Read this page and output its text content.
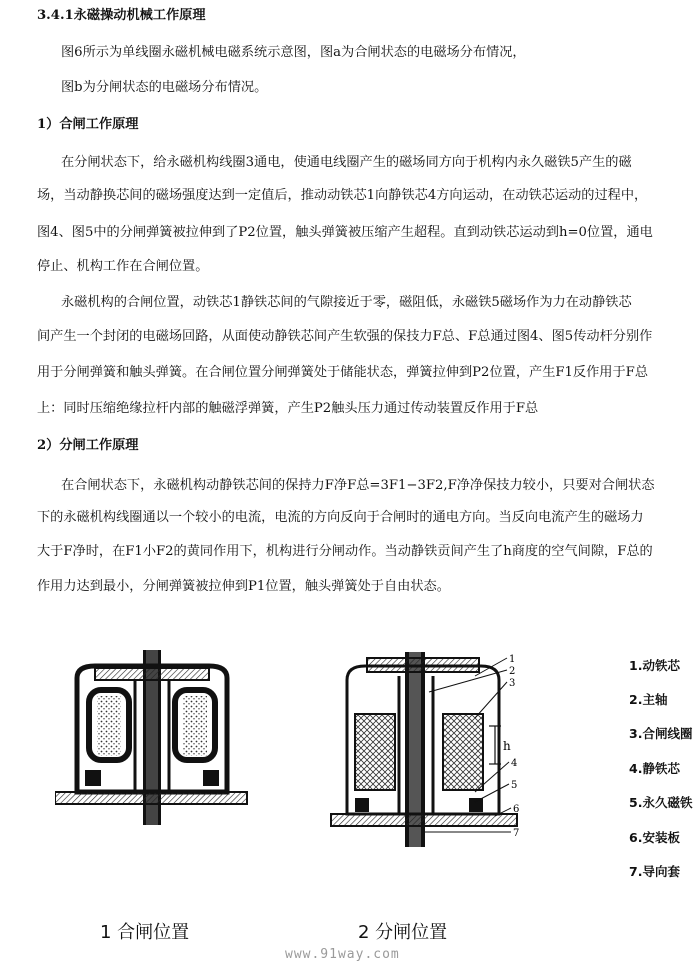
3.4.1永磁操动机械工作原理
图6所示为单线圈永磁机械电磁系统示意图，图a为合闸状态的电磁场分布情况，
图b为分闸状态的电磁场分布情况。
1）合闸工作原理
在分闸状态下，给永磁机构线圈3通电，使通电线圈产生的磁场同方向于机构内永久磁铁5产生的磁
场，当动静换芯间的磁场强度达到一定值后，推动动铁芯1向静铁芯4方向运动，在动铁芯运动的过程中，
图4、图5中的分闸弹簧被拉伸到了P2位置，触头弹簧被压缩产生超程。直到动铁芯运动到h=0位置，通电
停止、机构工作在合闸位置。
永磁机构的合闸位置，动铁芯1静铁芯间的气隙接近于零，磁阻低，永磁铁5磁场作为力在动静铁芯
间产生一个封闭的电磁场回路，从面使动静铁芯间产生软强的保技力F总、F总通过图4、图5传动杆分别作
用于分闸弹簧和触头弹簧。在合闸位置分闸弹簧处于储能状态，弹簧拉伸到P2位置，产生F1反作用于F总
上：同时压缩绝缘拉杆内部的触磁浮弹簧，产生P2触头压力通过传动装置反作用于F总
2）分闸工作原理
在合闸状态下，永磁机构动静铁芯间的保持力F净F总=3F1−3F2,F净净保技力较小，只要对合闸状态
下的永磁机构线圈通以一个较小的电流，电流的方向反向于合闸时的通电方向。当反向电流产生的磁场力
大于F净时，在F1小F2的黄同作用下，机构进行分闸动作。当动静铁贡间产生了h商度的空气间隙，F总的
作用力达到最小，分闸弹簧被拉伸到P1位置，触头弹簧处于自由状态。
1
2
3
h
4
5
6
7
1.动铁芯
2.主轴
3.合闸线圈
4.静铁芯
5.永久磁铁
6.安装板
7.导向套
1 合闸位置	2 分闸位置
www.91way.com
